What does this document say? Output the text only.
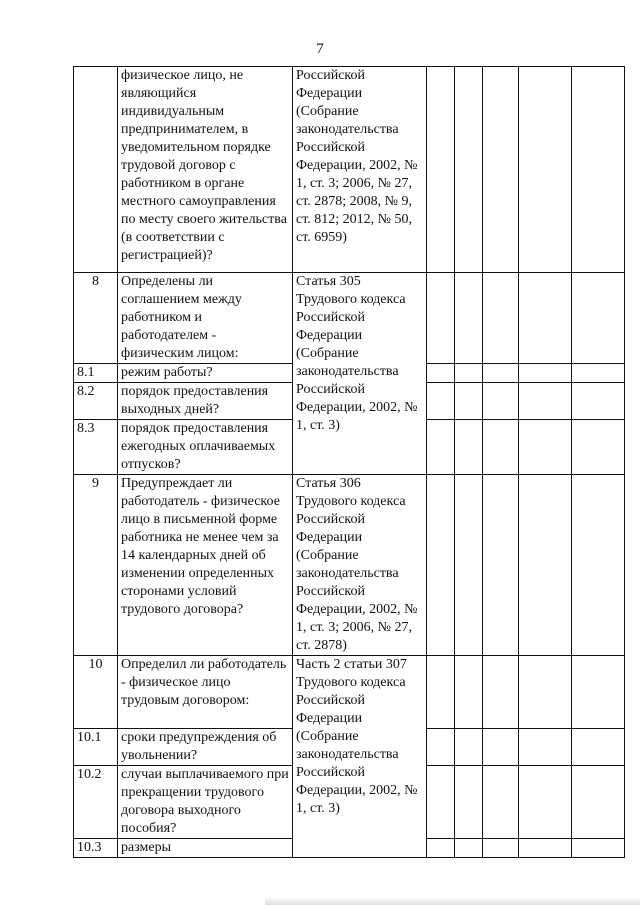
7
	физическое лицо, не являющийся индивидуальным предпринимателем, в уведомительном порядке трудовой договор с работником в органе местного самоуправления по месту своего жительства (в соответствии с регистрацией)?	Российской Федерации (Собрание законодательства Российской Федерации, 2002, № 1, ст. 3; 2006, № 27, ст. 2878; 2008, № 9, ст. 812; 2012, № 50, ст. 6959)					
8	Определены ли соглашением между работником и работодателем - физическим лицом:	Статья 305 Трудового кодекса Российской Федерации (Собрание законодательства Российской Федерации, 2002, № 1, ст. 3)					
8.1	режим работы?						
8.2	порядок предоставления выходных дней?						
8.3	порядок предоставления ежегодных оплачиваемых отпусков?						
9	Предупреждает ли работодатель - физическое лицо в письменной форме работника не менее чем за 14 календарных дней об изменении определенных сторонами условий трудового договора?	Статья 306 Трудового кодекса Российской Федерации (Собрание законодательства Российской Федерации, 2002, № 1, ст. 3; 2006, № 27, ст. 2878)					
10	Определил ли работодатель - физическое лицо трудовым договором:	Часть 2 статьи 307 Трудового кодекса Российской Федерации (Собрание законодательства Российской Федерации, 2002, № 1, ст. 3)					
10.1	сроки предупреждения об увольнении?						
10.2	случаи выплачиваемого при прекращении трудового договора выходного пособия?						
10.3	размеры						
